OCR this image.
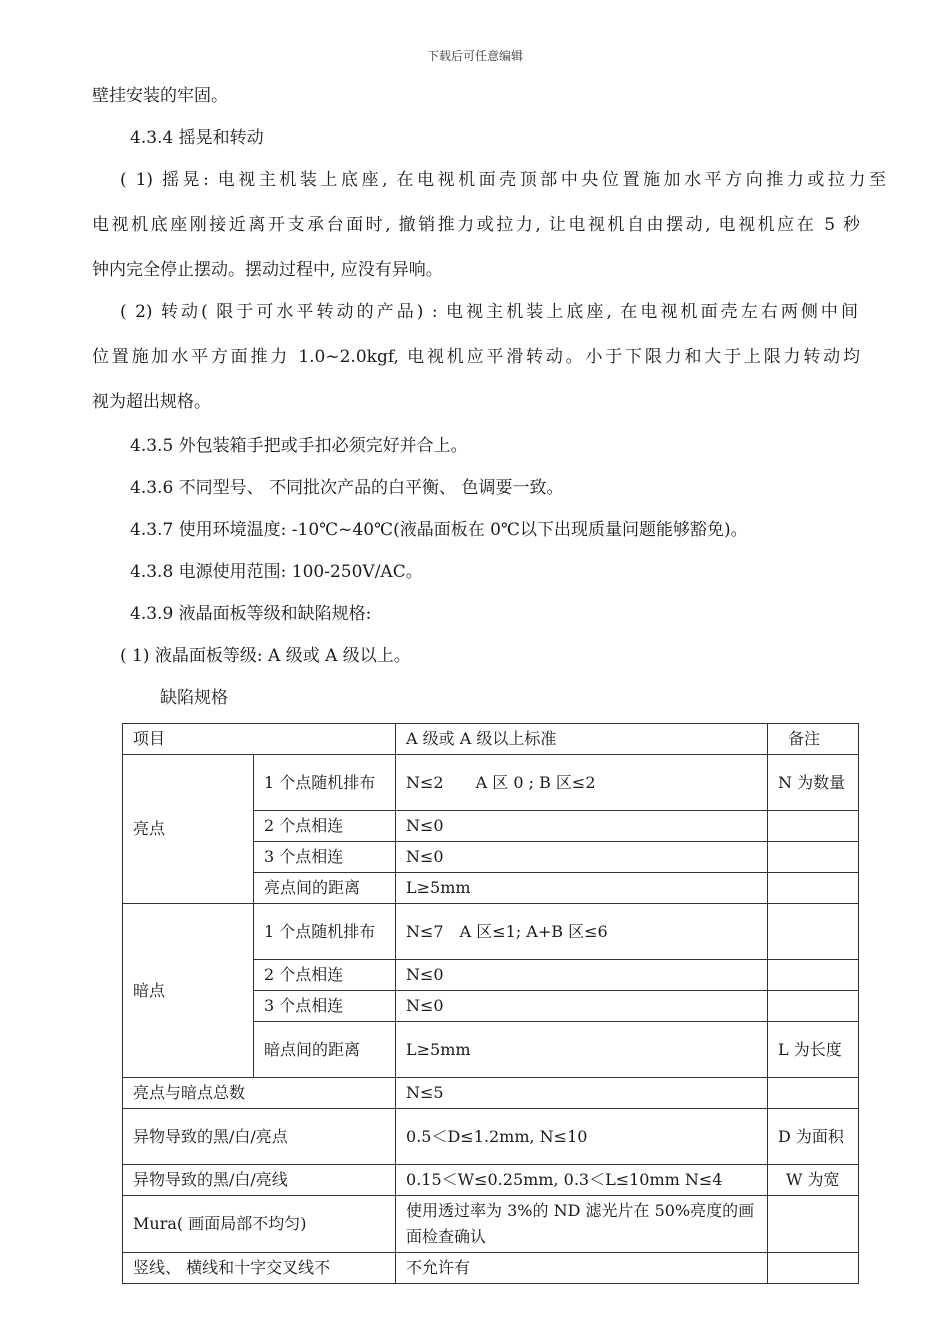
下载后可任意编辑
壁挂安装的牢固。
4.3.4 摇晃和转动
( 1) 摇晃: 电视主机装上底座, 在电视机面壳顶部中央位置施加水平方向推力或拉力至
电视机底座刚接近离开支承台面时, 撤销推力或拉力, 让电视机自由摆动, 电视机应在 5 秒
钟内完全停止摆动。摆动过程中, 应没有异响。
( 2) 转动( 限于可水平转动的产品) : 电视主机装上底座, 在电视机面壳左右两侧中间
位置施加水平方面推力 1.0~2.0kgf, 电视机应平滑转动。小于下限力和大于上限力转动均
视为超出规格。
4.3.5 外包装箱手把或手扣必须完好并合上。
4.3.6 不同型号、 不同批次产品的白平衡、 色调要一致。
4.3.7 使用环境温度: -10℃~40℃(液晶面板在 0℃以下出现质量问题能够豁免)。
4.3.8 电源使用范围: 100-250V/AC。
4.3.9 液晶面板等级和缺陷规格:
( 1) 液晶面板等级: A 级或 A 级以上。
缺陷规格
项目		A 级或 A 级以上标准	备注
亮点	1 个点随机排布	N≤2　　A 区 0 ; B 区≤2	N 为数量
	2 个点相连	N≤0	
	3 个点相连	N≤0	
	亮点间的距离	L≥5mm	
暗点	1 个点随机排布	N≤7　A 区≤1; A+B 区≤6	
	2 个点相连	N≤0	
	3 个点相连	N≤0	
	暗点间的距离	L≥5mm	L 为长度
亮点与暗点总数		N≤5	
异物导致的黑/白/亮点		0.5＜D≤1.2mm, N≤10	D 为面积
异物导致的黑/白/亮线		0.15＜W≤0.25mm, 0.3＜L≤10mm N≤4	W 为宽
Mura( 画面局部不均匀)		使用透过率为 3%的 ND 滤光片在 50%亮度的画面检查确认	
竖线、 横线和十字交叉线不		不允许有	
